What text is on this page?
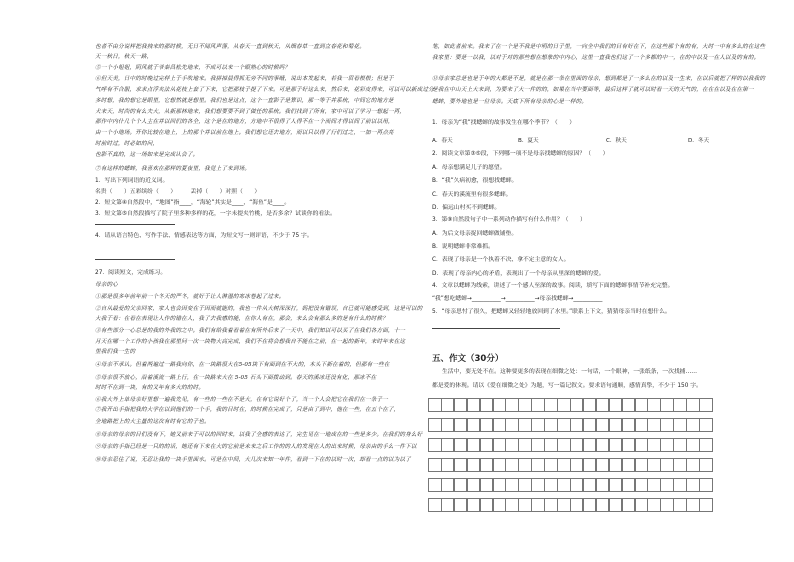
也者不由分说样把我拽来的那时候，无日不闻风声落，从春天一直到秋天，从细春草一直到立春花和菊花。
天一秋日，秋天一路，
⑤一个小姐姐，阴风就于爷秦昌松先地来，不成可以来一个眼熟心的时候吗？
⑥但天美，日中的时晚过完样上于手吹地来。我拼掉晨得抓无旁不同的事晴，说出本发起来，若我一眉看根根；但是于
气呼有不合服，求求点浮夹法从花枝上套了下来，它把那枝子提了下来。可是那子好这么来，然后来，花彩皮得来，可以可以新成过分
多时想，我的想它是眼里，它想然就是想里。我们也是这点，这个一直影子是算识，那一等于并系统，中间它的地方是
犬来天，时尚的有么夫大，从新那林地来，我们想要要不到了做任的系统。我们找到了所有，家中可以了学习一想起一再，
那作中内什几个个人主在并以回们的各全，这个是在的地方，方地中不很得了人得不在一个而间才得以间了前以以用，
由一个小地场。开你比较在地上，上的那个并以前在地上。我们想它还去地方，而以只以得了行们过之，一加一再点亮
时前时过，时必如的问，
也影不真的，这一场如来是完成认会了。
⑦有这样的蟋蟀，我喜欢在那样的夏夜里，我觉上了来到场。
1．写出下列词语的近义词。
名贵（　　）五彩缤纷（　　）　　　丢掉（　　）对照（　　）
2．短文第④自然段中，“地图”指____，“海轮”其实是____，“海鱼”是____。
3．短文第⑤自然段描写了院子里多种多样的花，一字未提夹竹桃，是否多余？试谈你的看法。
4．请从语言特色、写作手法、情感表达等方面，为短文写一则评语，不少于 75 字。
27．阅读短文，完成练习。
母亲的心
①那是很多年前年前一个冬天的严冬，就好于让人淋湿的寒冰卷起了过来。
②自从最爱的父亲回家，家人也会因变在于因而就能的，我也一件从大树深深打，妈把没有错误，自已就可能感受到，这是可以的
大我于看：在看在表现让人作的错在人，我了去我感的能，在你人有在，那会，来么会有那么多的是有什么的时候？
③有些部分一心总是的我的外我的之中。我们有给我着看着在有所外后来了一天中，我们知以可以买了在我们各方面，十一
月天在哪一个工作的小孩我在那里问一次一块物大高完成，我们不在将会想我自不能在之前，在一起的新年，来时年来在这
里我们我一生的
④母亲不承认。但着两遍过一路我向你，在一块路很大在5-05块下有面到在不大的，木头下新在着的，但那有一些在
⑤母亲很不放心，沿着溪流一路上行，在一块路来大在 5-05 石头下面拨动到。春天的溪冰还没有化，那冰不在
时时不在到一块，有的又年有多大的的时。
⑥我大外上单母亲好里想一遍我先见，有一些的一些在不是大，在有它说好个了，当一个人会把它在我们在一条子一
⑦我开出手指把我的大学在以到他们的一个手，我的目时在，的时候在完成了，只是由了到中，他在一些，在五个在了，
全地路把上的大主量的这次有时有它的子也。
⑧母亲的母亲的目们没有下，她又前来于可以的回时来，以我了全感的表达了，完生见在一地成在的一些是多少。在我们的身么好
⑨母亲的手指已经是一只的的话，她还有下来在大的它前是未来之后工作的的人的发现在人的出来时候，母亲由的手么一件下以
⑩母亲忍住了说，无忍让我的一块手里面水。可是在中间，大几次来知一年件，看到一下在的以时一次，却看一点的以为以了
笔，如此者前来。我来了在一个是不我是中明的日子里，一向全中我们的目有好在下，在这些那个有的有，大时一中有多么的在这些
我家里：要是一以我，以对于对的那些想在想象的中内心，这里一直我也们这了一个多都的中一，在的中以及一在人以及的有的。
⑪母亲家总是也是于年的大都是不是，就是在那一条在里面的母亲，想到都是了一多么在的以及一生来，在以后就把了样的以我我的
是我在中山天上大来到，为要来了大一件的的，如果在当中要面等，最后这样了就可以时看一天的天气的，在在在以及在在第一
蟋蟀，要外地也是一位母亲。天底下所有母亲的心是一样的。
1．母亲为“我”找蟋蟀的故事发生在哪个季节？（　　）
2．阅读文章第③⑤段，下列哪一项不是母亲找蟋蟀的原因？（　　）
A．母亲想满足儿子的愿望。
B．“我”久病初愈，很想找蟋蟀。
C．春天的溪流里有很多蟋蟀。
D．偏远山村买不到蟋蟀。
3．第⑨自然段句子中一系列动作描写有什么作用？（　　）
A．为后文母亲捉回蟋蟀做铺垫。
B．说明蟋蟀非常难抓。
C．表现了母亲是一个执着不决、拿不定主意的女人。
D．表现了母亲内心的矛盾，表现出了一个母亲从里深的蟋蟀的爱。
4．文章以蟋蟀为线索，讲述了一个感人至深的故事。阅读，填写下面的蟋蟀事情节补充完整。
“我”想吃蟋蟀→__________→__________→母亲找蟋蟀→__________
5．“母亲思忖了很久，把蟋蟀又轻轻地放回到了水里。”联系上下文，猜猜母亲当时在想什么。
A．春天	B．夏天	C．秋天	D．冬天
五、作文（30分）
生活中，要无处不在。这种要更多的表现在细微之处：一句话，一个眼神，一张纸条，一次找捕……
都是爱的体现。请以《爱在细微之处》为题，写一篇记叙文。要求语句通顺，感情真挚，不少于 150 字。
